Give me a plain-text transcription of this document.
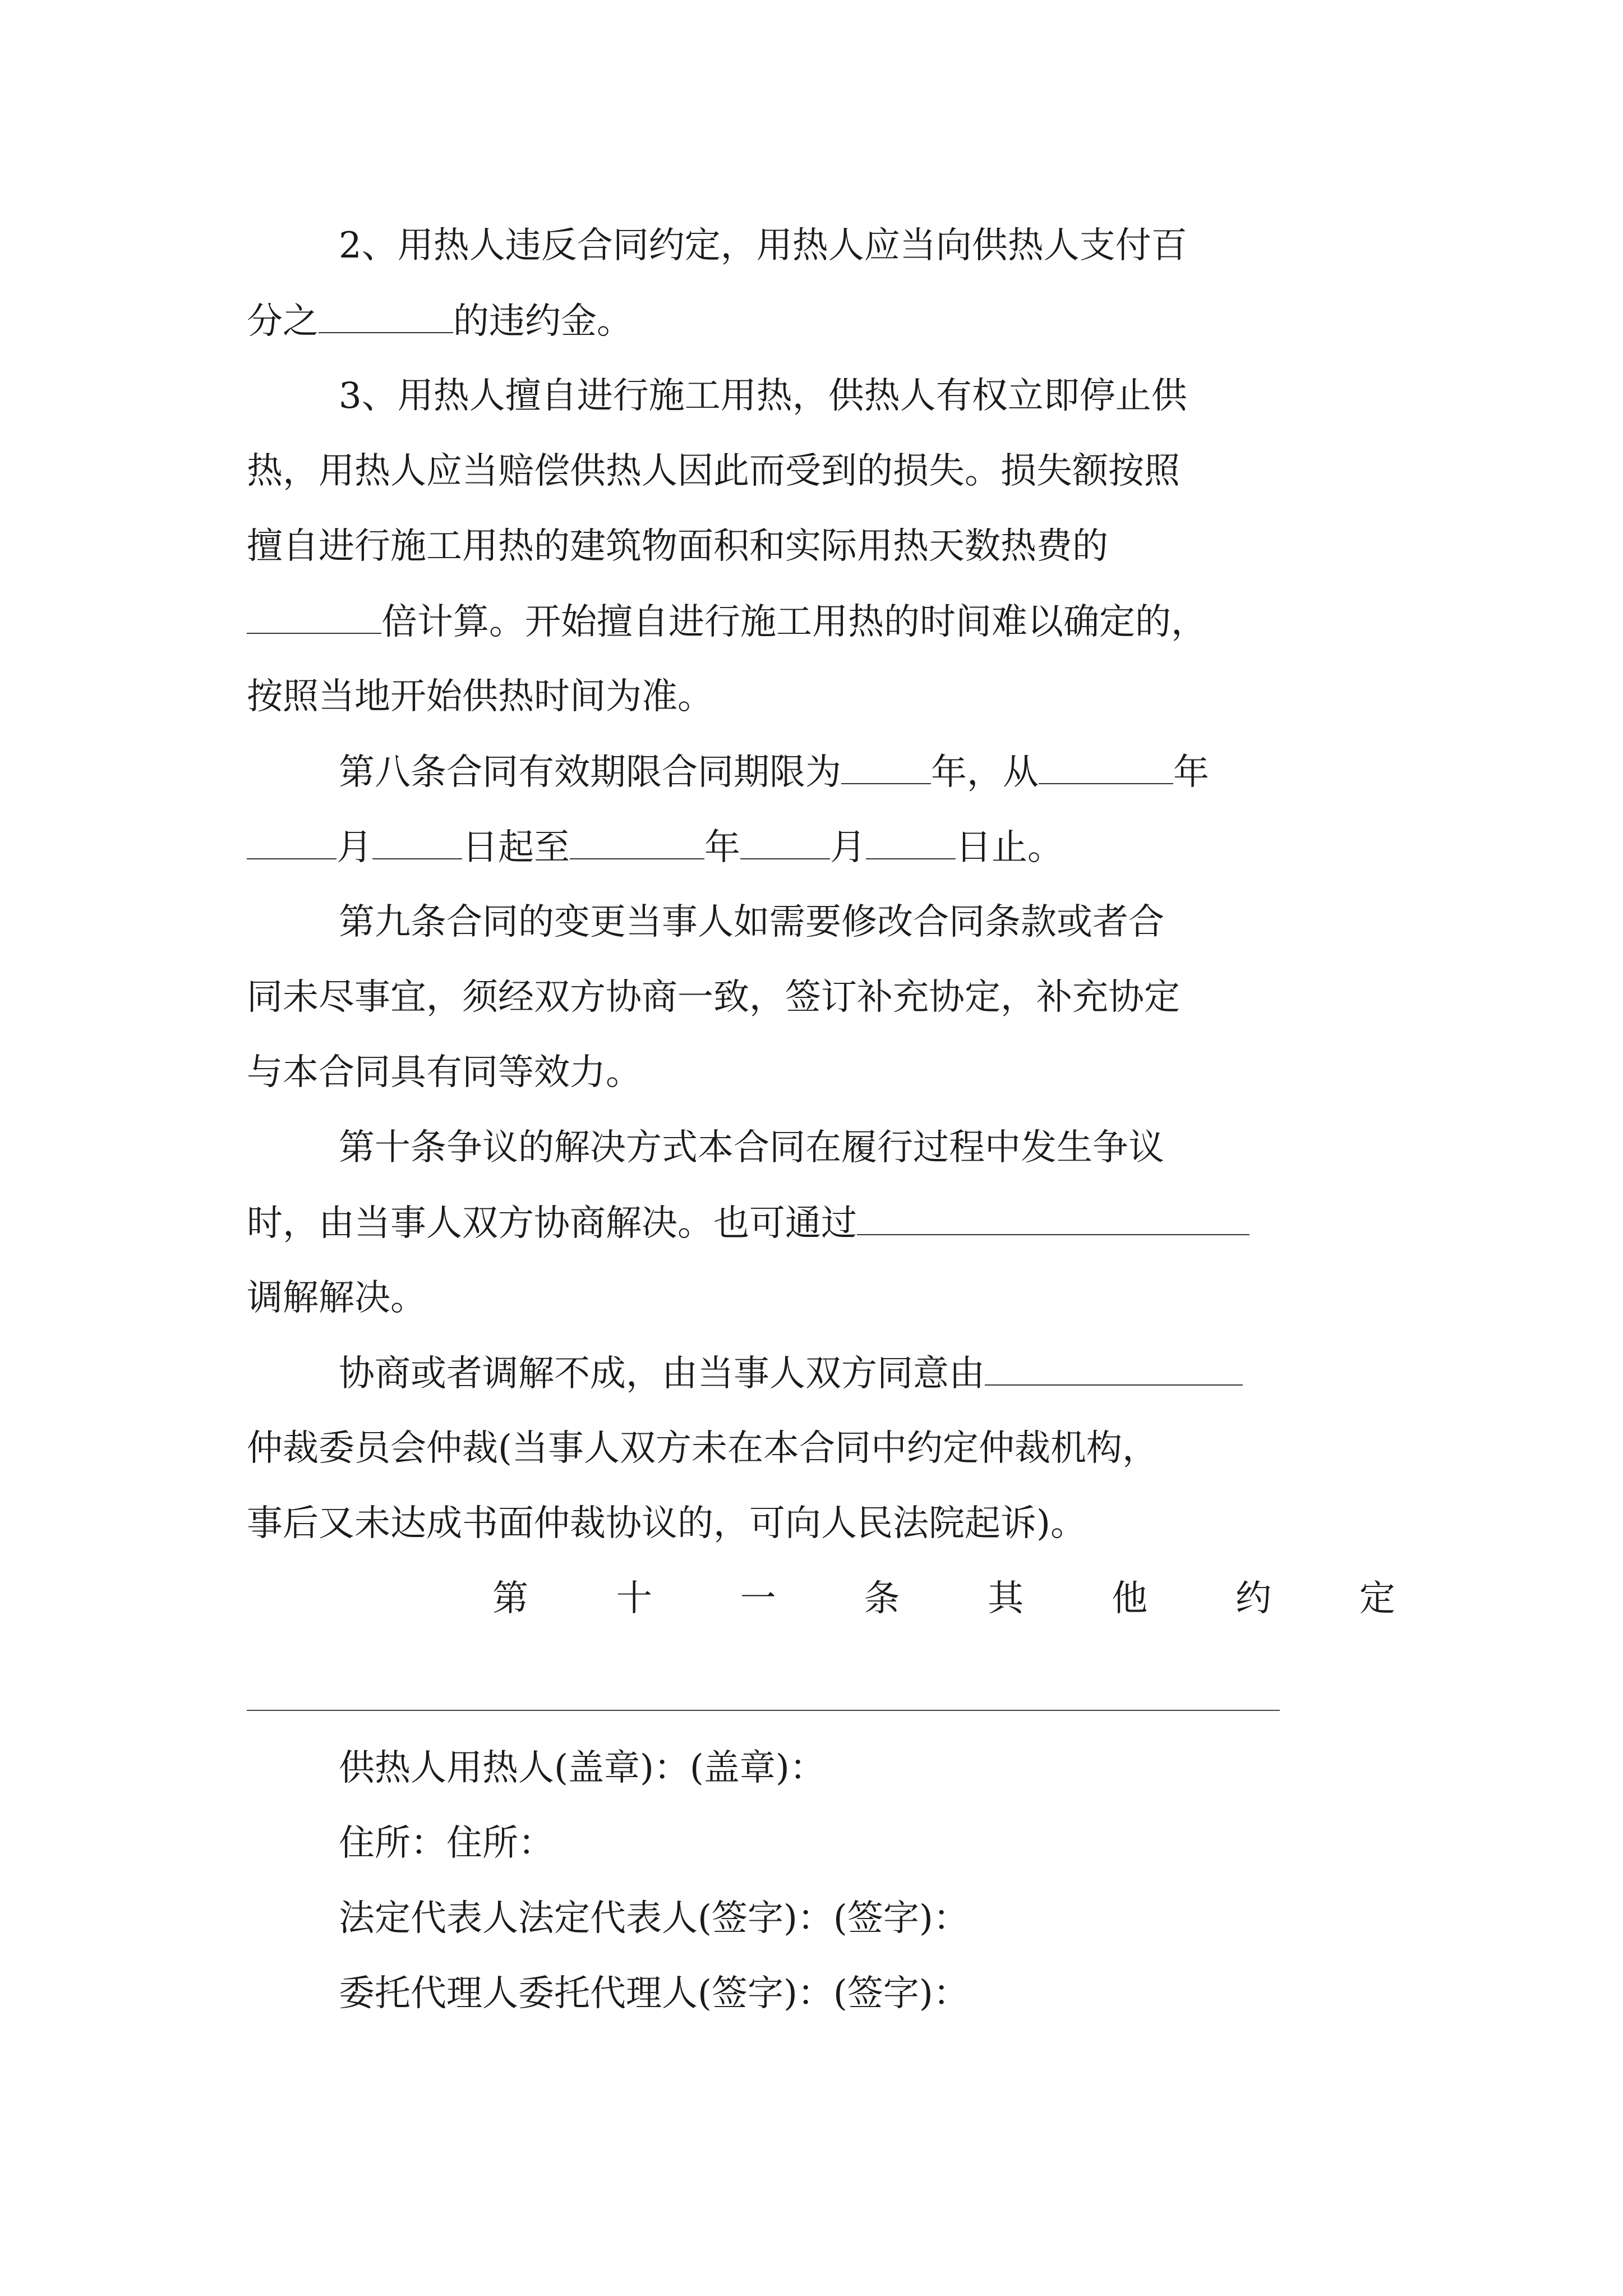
2、用热人违反合同约定，用热人应当向供热人支付百
分之	的违约金。
3、用热人擅自进行施工用热，供热人有权立即停止供
热，用热人应当赔偿供热人因此而受到的损失。损失额按照
擅自进行施工用热的建筑物面积和实际用热天数热费的
倍计算。开始擅自进行施工用热的时间难以确定的，
按照当地开始供热时间为准。
第八条合同有效期限合同期限为	年，从	年
月	日起至	年	月	日止。
第九条合同的变更当事人如需要修改合同条款或者合
同未尽事宜，须经双方协商一致，签订补充协定，补充协定
与本合同具有同等效力。
第十条争议的解决方式本合同在履行过程中发生争议
时，由当事人双方协商解决。也可通过
调解解决。
协商或者调解不成，由当事人双方同意由
仲裁委员会仲裁(当事人双方未在本合同中约定仲裁机构，
事后又未达成书面仲裁协议的，可向人民法院起诉)。
第 十 一 条 其 他 约 定
供热人用热人(盖章)：(盖章)：
住所：住所：
法定代表人法定代表人(签字)：(签字)：
委托代理人委托代理人(签字)：(签字)：
